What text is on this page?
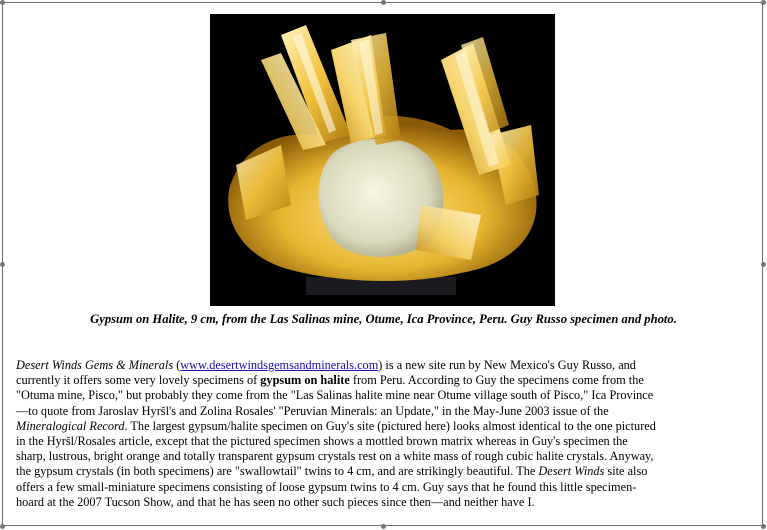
Gypsum on Halite, 9 cm, from the Las Salinas mine, Otume, Ica Province, Peru. Guy Russo specimen and photo.

Desert Winds Gems & Minerals (www.desertwindsgemsandminerals.com) is a new site run by New Mexico's Guy Russo, and
currently it offers some very lovely specimens of gypsum on halite from Peru. According to Guy the specimens come from the
"Otuma mine, Pisco," but probably they come from the "Las Salinas halite mine near Otume village south of Pisco," Ica Province
—to quote from Jaroslav Hyršl's and Zolina Rosales' "Peruvian Minerals: an Update," in the May-June 2003 issue of the
Mineralogical Record. The largest gypsum/halite specimen on Guy's site (pictured here) looks almost identical to the one pictured
in the Hyršl/Rosales article, except that the pictured specimen shows a mottled brown matrix whereas in Guy's specimen the
sharp, lustrous, bright orange and totally transparent gypsum crystals rest on a white mass of rough cubic halite crystals. Anyway,
the gypsum crystals (in both specimens) are "swallowtail" twins to 4 cm, and are strikingly beautiful. The Desert Winds site also
offers a few small-miniature specimens consisting of loose gypsum twins to 4 cm. Guy says that he found this little specimen-
hoard at the 2007 Tucson Show, and that he has seen no other such pieces since then—and neither have I.
